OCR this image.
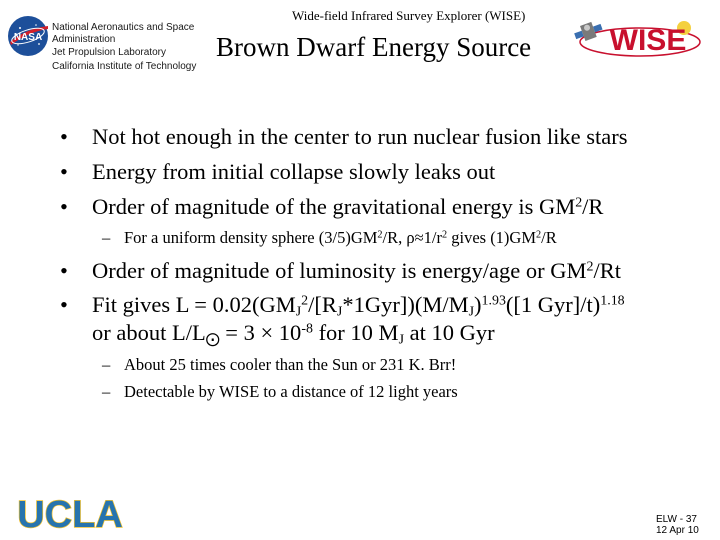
NASA
National Aeronautics and Space
Administration
Jet Propulsion Laboratory
California Institute of Technology
Wide-field Infrared Survey Explorer (WISE)
Brown Dwarf Energy Source	WISE
• Not hot enough in the center to run nuclear fusion like stars
• Energy from initial collapse slowly leaks out
• Order of magnitude of the gravitational energy is $GM^2/R$
– For a uniform density sphere $(3/5)GM^2/R$, $\rho\approx 1/r^2$ gives $(1)GM^2/R$
• Order of magnitude of luminosity is energy/age or $GM^2/Rt$
• Fit gives $L = 0.02(GM_J^2/[R_J*1Gyr])(M/M_J)^{1.93}([1$ Gyr]/t)$^{1.18}$
or about $L/L_⨀ = 3 \times 10^{-8}$ for 10 $M_J$ at 10 Gyr
– About 25 times cooler than the Sun or 231 K. Brr!
– Detectable by WISE to a distance of 12 light years
UCLA	ELW - 37
12 Apr 10
